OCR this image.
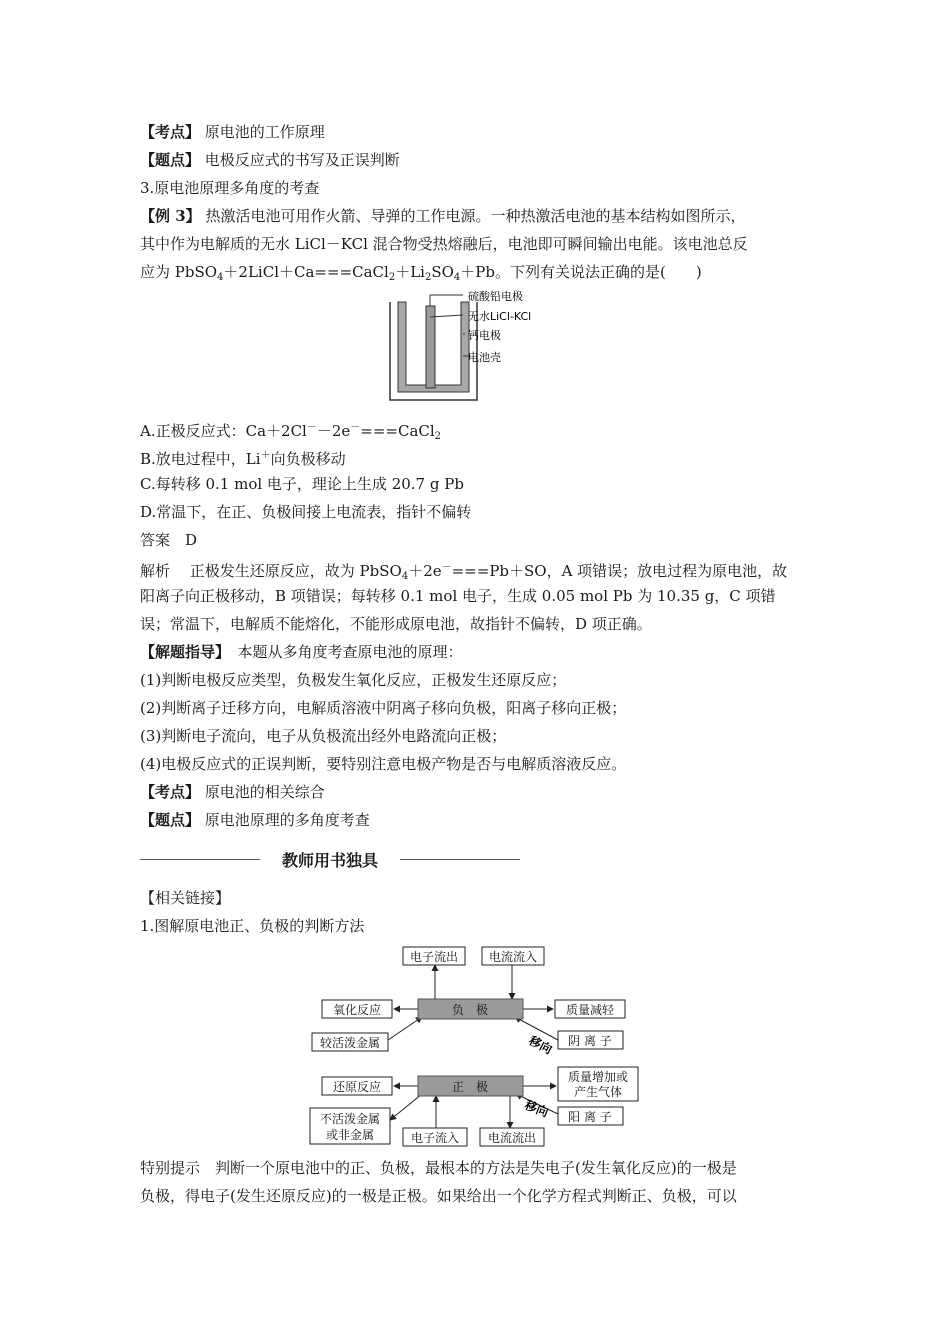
【考点】 原电池的工作原理
【题点】 电极反应式的书写及正误判断
3.原电池原理多角度的考查
【例 3】 热激活电池可用作火箭、导弹的工作电源。一种热激活电池的基本结构如图所示，
其中作为电解质的无水 LiCl－KCl 混合物受热熔融后，电池即可瞬间输出电能。该电池总反
应为 $PbSO_4+2LiCl+Ca===CaCl_2+Li_2SO_4+Pb$。下列有关说法正确的是(　　)
硫酸铅电极
无水LiCl-KCl
钙电极
电池壳
A.正极反应式：Ca＋2Cl－－2e－===CaCl$_2$
B.放电过程中，Li＋向负极移动
C.每转移 0.1 mol 电子，理论上生成 20.7 g Pb
D.常温下，在正、负极间接上电流表，指针不偏转
答案　D
解析　 正极发生还原反应，故为 PbSO$_4$＋2e－===Pb＋SO，A 项错误；放电过程为原电池，故
阳离子向正极移动，B 项错误；每转移 0.1 mol 电子，生成 0.05 mol Pb 为 10.35 g，C 项错
误；常温下，电解质不能熔化，不能形成原电池，故指针不偏转，D 项正确。
【解题指导】　本题从多角度考查原电池的原理：
(1)判断电极反应类型，负极发生氧化反应，正极发生还原反应；
(2)判断离子迁移方向，电解质溶液中阴离子移向负极，阳离子移向正极；
(3)判断电子流向，电子从负极流出经外电路流向正极；
(4)电极反应式的正误判断，要特别注意电极产物是否与电解质溶液反应。
【考点】 原电池的相关综合
【题点】 原电池原理的多角度考查
教师用书独具
【相关链接】
1.图解原电池正、负极的判断方法
电子流出	电流流入
负　极
氧化反应	质量减轻
较活泼金属	阴 离 子
正　极
还原反应
质量增加或
产生气体
不活泼金属
或非金属	电子流入 电流流出
阳 离 子
移向
移向
特别提示　判断一个原电池中的正、负极，最根本的方法是失电子(发生氧化反应)的一极是
负极，得电子(发生还原反应)的一极是正极。如果给出一个化学方程式判断正、负极，可以
